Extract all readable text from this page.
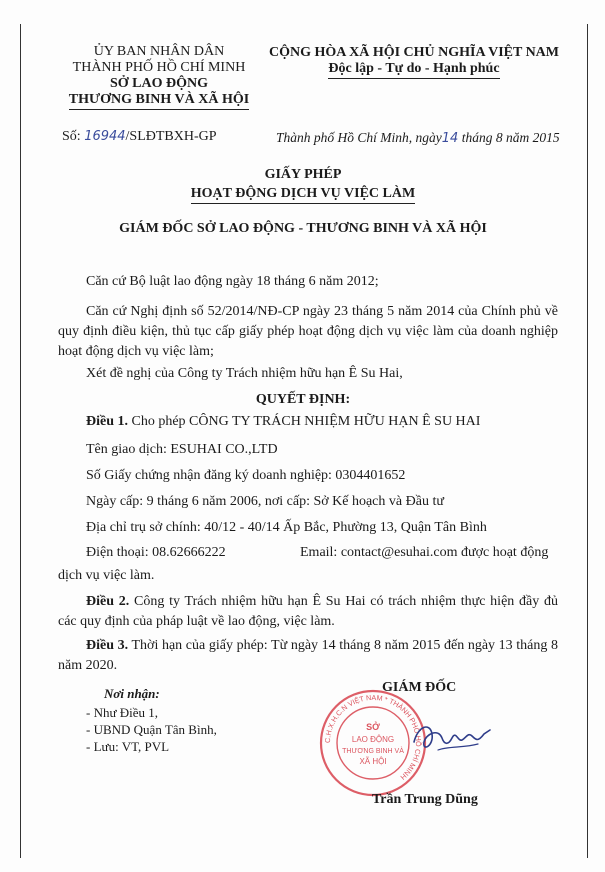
ỦY BAN NHÂN DÂN
THÀNH PHỐ HỒ CHÍ MINH
SỞ LAO ĐỘNG
THƯƠNG BINH VÀ XÃ HỘI
CỘNG HÒA XÃ HỘI CHỦ NGHĨA VIỆT NAM
Độc lập - Tự do - Hạnh phúc
Số: 16944/SLĐTBXH-GP	Thành phố Hồ Chí Minh, ngày14 tháng 8 năm 2015
GIẤY PHÉP
HOẠT ĐỘNG DỊCH VỤ VIỆC LÀM
GIÁM ĐỐC SỞ LAO ĐỘNG - THƯƠNG BINH VÀ XÃ HỘI
Căn cứ Bộ luật lao động ngày 18 tháng 6 năm 2012;
Căn cứ Nghị định số 52/2014/NĐ-CP ngày 23 tháng 5 năm 2014 của Chính phủ về quy định điều kiện, thủ tục cấp giấy phép hoạt động dịch vụ việc làm của doanh nghiệp hoạt động dịch vụ việc làm;
Xét đề nghị của Công ty Trách nhiệm hữu hạn Ê Su Hai,
QUYẾT ĐỊNH:
Điều 1. Cho phép CÔNG TY TRÁCH NHIỆM HỮU HẠN Ê SU HAI
Tên giao dịch: ESUHAI CO.,LTD
Số Giấy chứng nhận đăng ký doanh nghiệp: 0304401652
Ngày cấp: 9 tháng 6 năm 2006, nơi cấp: Sở Kế hoạch và Đầu tư
Địa chỉ trụ sở chính: 40/12 - 40/14 Ấp Bắc, Phường 13, Quận Tân Bình
Điện thoại: 08.62666222	Email: contact@esuhai.com được hoạt động
dịch vụ việc làm.
Điều 2. Công ty Trách nhiệm hữu hạn Ê Su Hai có trách nhiệm thực hiện đầy đủ các quy định của pháp luật về lao động, việc làm.
Điều 3. Thời hạn của giấy phép: Từ ngày 14 tháng 8 năm 2015 đến ngày 13 tháng 8 năm 2020.
Nơi nhận:
- Như Điều 1,
- UBND Quận Tân Bình,
- Lưu: VT, PVL
GIÁM ĐỐC
C.H.X.H.C.N VIỆT NAM * THÀNH PHỐ HỒ CHÍ MINH
SỞ
LAO ĐỘNG
THƯƠNG BINH VÀ
XÃ HỘI
Trần Trung Dũng
